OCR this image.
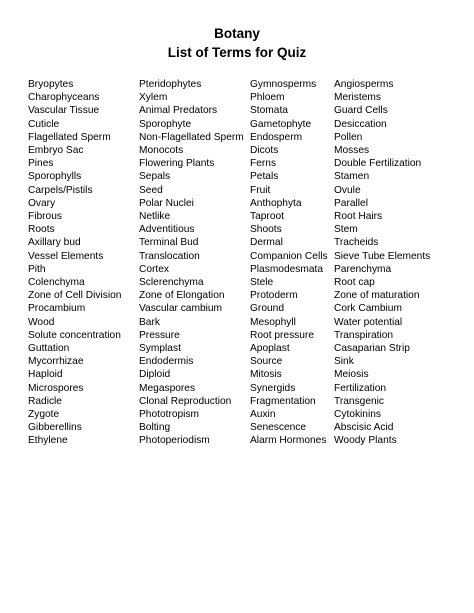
Botany

List of Terms for Quiz

Bryopytes
Charophyceans
Vascular Tissue
Cuticle
Flagellated Sperm
Embryo Sac
Pines
Sporophylls
Carpels/Pistils
Ovary
Fibrous
Roots
Axillary bud
Vessel Elements
Pith
Colenchyma
Zone of Cell Division
Procambium
Wood
Solute concentration
Guttation
Mycorrhizae
Haploid
Microspores
Radicle
Zygote
Gibberellins
Ethylene
Pteridophytes
Xylem
Animal Predators
Sporophyte
Non-Flagellated Sperm
Monocots
Flowering Plants
Sepals
Seed
Polar Nuclei
Netlike
Adventitious
Terminal Bud
Translocation
Cortex
Sclerenchyma
Zone of Elongation
Vascular cambium
Bark
Pressure
Symplast
Endodermis
Diploid
Megaspores
Clonal Reproduction
Phototropism
Bolting
Photoperiodism
Gymnosperms
Phloem
Stomata
Gametophyte
Endosperm
Dicots
Ferns
Petals
Fruit
Anthophyta
Taproot
Shoots
Dermal
Companion Cells
Plasmodesmata
Stele
Protoderm
Ground
Mesophyll
Root pressure
Apoplast
Source
Mitosis
Synergids
Fragmentation
Auxin
Senescence
Alarm Hormones
Angiosperms
Meristems
Guard Cells
Desiccation
Pollen
Mosses
Double Fertilization
Stamen
Ovule
Parallel
Root Hairs
Stem
Tracheids
Sieve Tube Elements
Parenchyma
Root cap
Zone of maturation
Cork Cambium
Water potential
Transpiration
Casaparian Strip
Sink
Meiosis
Fertilization
Transgenic
Cytokinins
Abscisic Acid
Woody Plants
